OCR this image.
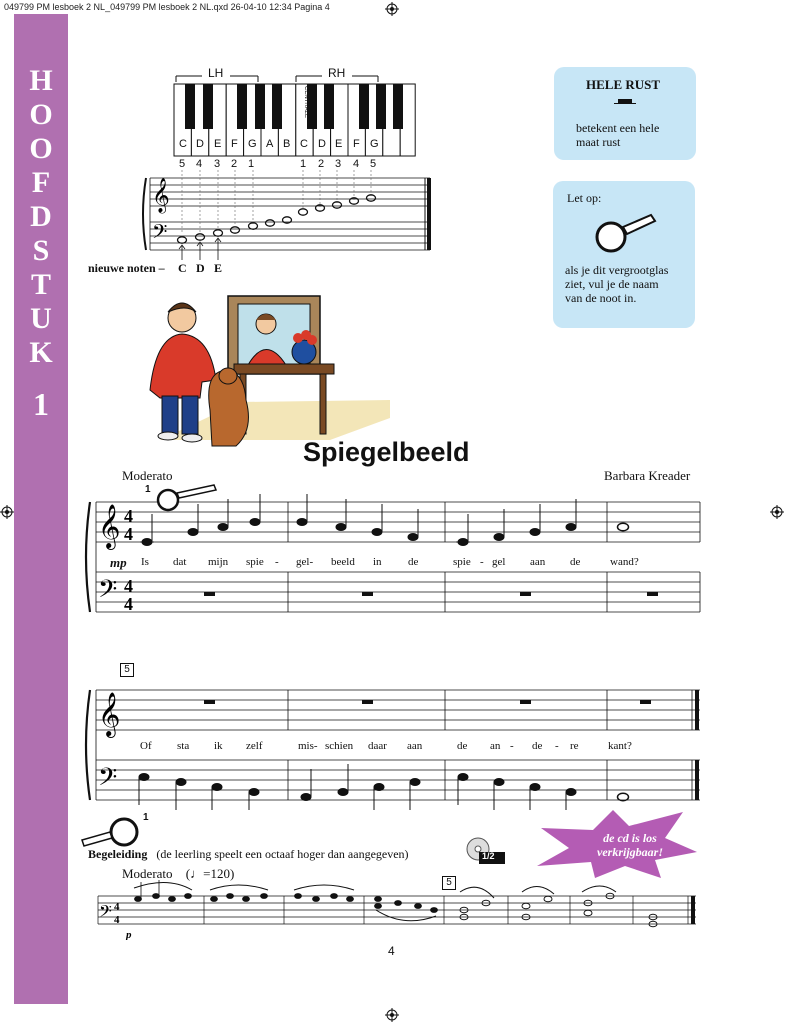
049799 PM lesboek 2 NL_049799 PM lesboek 2 NL.qxd 26-04-10 12:34 Pagina 4
H
O
O
F
D
S
T
U
K
1
LH	RH
CENTRALE
C D E F G A B C D E F G
5 4 3 2 1	1 2 3 4 5
𝄞
𝄢
nieuwe noten – C D E
HELE RUST

betekent een hele

maat rust

Let op:

als je dit vergrootglas

ziet, vul je de naam

van de noot in.

Spiegelbeeld
Moderato	Barbara Kreader
𝄞
𝄢
4
4
4
4
1
mp Is dat mijn spie - gel- beeld in de	spie - gel aan de	wand?
5
𝄞
𝄢
Of sta ik zelf	mis- schien daar aan	de an - de - re	kant?
1
Begeleiding (de leerling speelt een octaaf hoger dan aangegeven)	1/2
de cd is los
verkrijgbaar!
Moderato (♩=120)
5
𝄢 4
4
p
4
